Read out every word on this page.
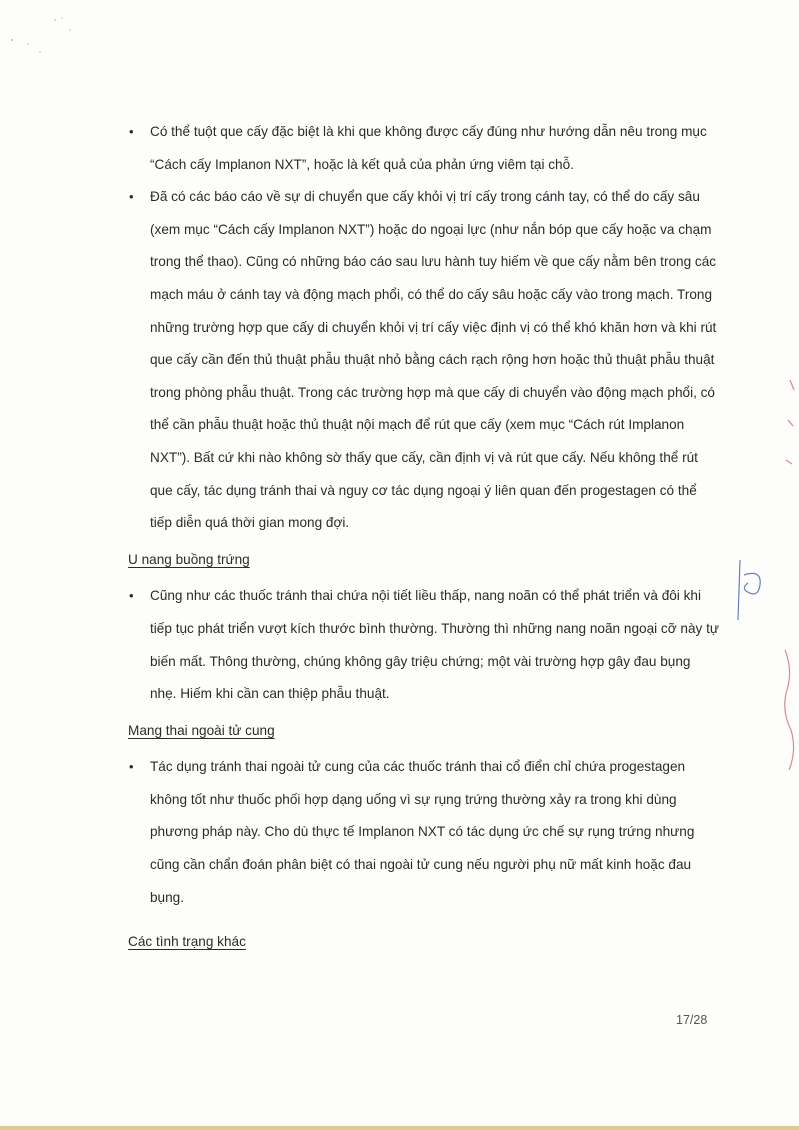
• Có thể tuột que cấy đặc biệt là khi que không được cấy đúng như hướng dẫn nêu trong mục “Cách cấy Implanon NXT”, hoặc là kết quả của phản ứng viêm tại chỗ.

• Đã có các báo cáo về sự di chuyển que cấy khỏi vị trí cấy trong cánh tay, có thể do cấy sâu (xem mục “Cách cấy Implanon NXT”) hoặc do ngoại lực (như nắn bóp que cấy hoặc va chạm trong thể thao). Cũng có những báo cáo sau lưu hành tuy hiếm về que cấy nằm bên trong các mạch máu ở cánh tay và động mạch phổi, có thể do cấy sâu hoặc cấy vào trong mạch. Trong những trường hợp que cấy di chuyển khỏi vị trí cấy việc định vị có thể khó khăn hơn và khi rút que cấy cần đến thủ thuật phẫu thuật nhỏ bằng cách rạch rộng hơn hoặc thủ thuật phẫu thuật trong phòng phẫu thuật. Trong các trường hợp mà que cấy di chuyển vào động mạch phổi, có thể cần phẫu thuật hoặc thủ thuật nội mạch để rút que cấy (xem mục “Cách rút Implanon NXT”). Bất cứ khi nào không sờ thấy que cấy, cần định vị và rút que cấy. Nếu không thể rút que cấy, tác dụng tránh thai và nguy cơ tác dụng ngoại ý liên quan đến progestagen có thể tiếp diễn quá thời gian mong đợi.

U nang buồng trứng

• Cũng như các thuốc tránh thai chứa nội tiết liều thấp, nang noãn có thể phát triển và đôi khi tiếp tục phát triển vượt kích thước bình thường. Thường thì những nang noãn ngoại cỡ này tự biến mất. Thông thường, chúng không gây triệu chứng; một vài trường hợp gây đau bụng nhẹ. Hiếm khi cần can thiệp phẫu thuật.

Mang thai ngoài tử cung

• Tác dụng tránh thai ngoài tử cung của các thuốc tránh thai cổ điển chỉ chứa progestagen không tốt như thuốc phối hợp dạng uống vì sự rụng trứng thường xảy ra trong khi dùng phương pháp này. Cho dù thực tế Implanon NXT có tác dụng ức chế sự rụng trứng nhưng cũng cần chẩn đoán phân biệt có thai ngoài tử cung nếu người phụ nữ mất kinh hoặc đau bụng.

Các tình trạng khác

17/28
